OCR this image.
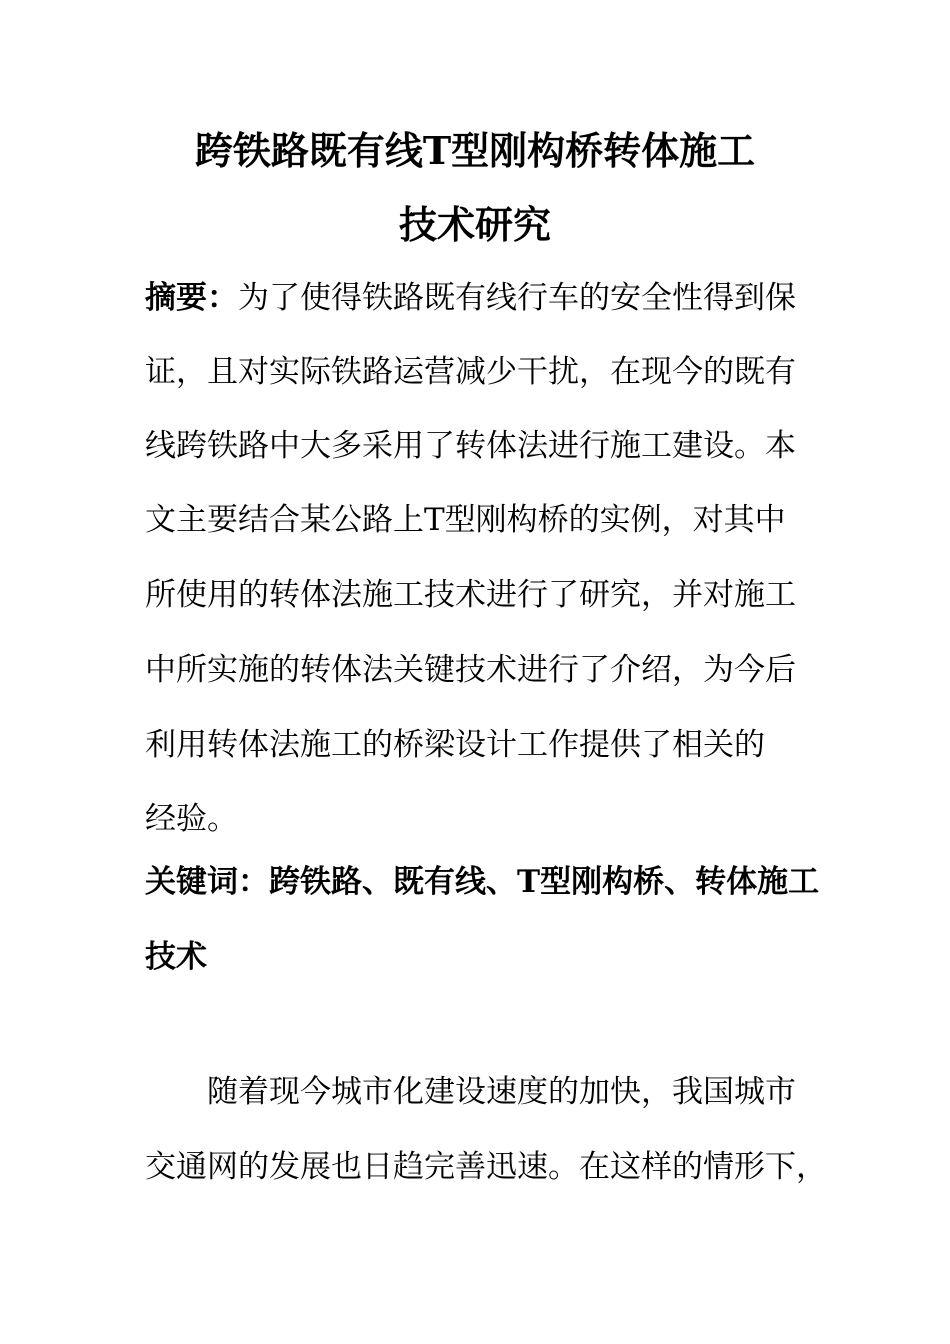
跨铁路既有线T型刚构桥转体施工
技术研究
摘要：为了使得铁路既有线行车的安全性得到保
证，且对实际铁路运营减少干扰，在现今的既有
线跨铁路中大多采用了转体法进行施工建设。本
文主要结合某公路上T型刚构桥的实例，对其中
所使用的转体法施工技术进行了研究，并对施工
中所实施的转体法关键技术进行了介绍，为今后
利用转体法施工的桥梁设计工作提供了相关的
经验。
关键词：跨铁路、既有线、T型刚构桥、转体施工
技术
随着现今城市化建设速度的加快，我国城市
交通网的发展也日趋完善迅速。在这样的情形下，
